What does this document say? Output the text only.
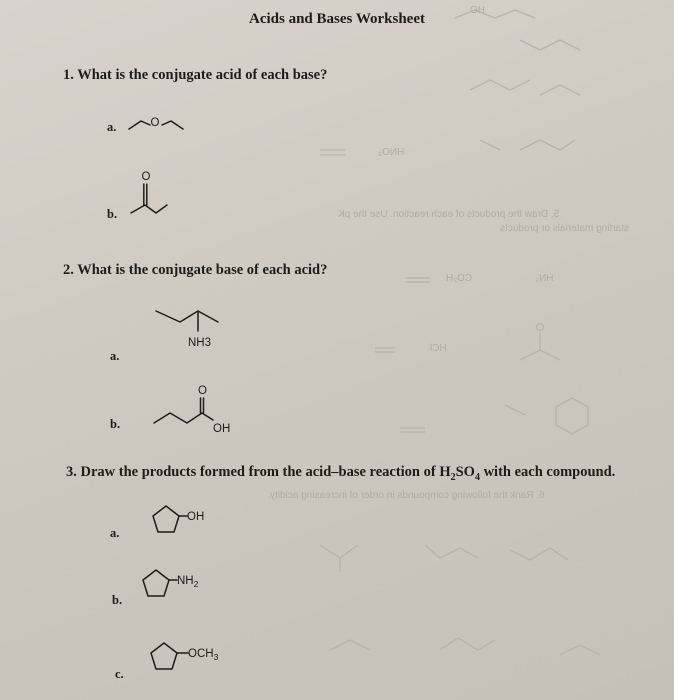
5. Draw the products of each reaction. Use the pK
starting materials or products
6. Rank the following compounds in order of increasing acidity.
HNO₃
HCl
CO₂H	HN₃
HO
Acids and Bases Worksheet
1. What is the conjugate acid of each base?
a.	O
b.
O
2. What is the conjugate base of each acid?
a.
NH3
b.
O
OH
3. Draw the products formed from the acid–base reaction of $H_2SO_4$ with each compound.
a.
OH
b.
$NH_2$
c.
$OCH_3$
